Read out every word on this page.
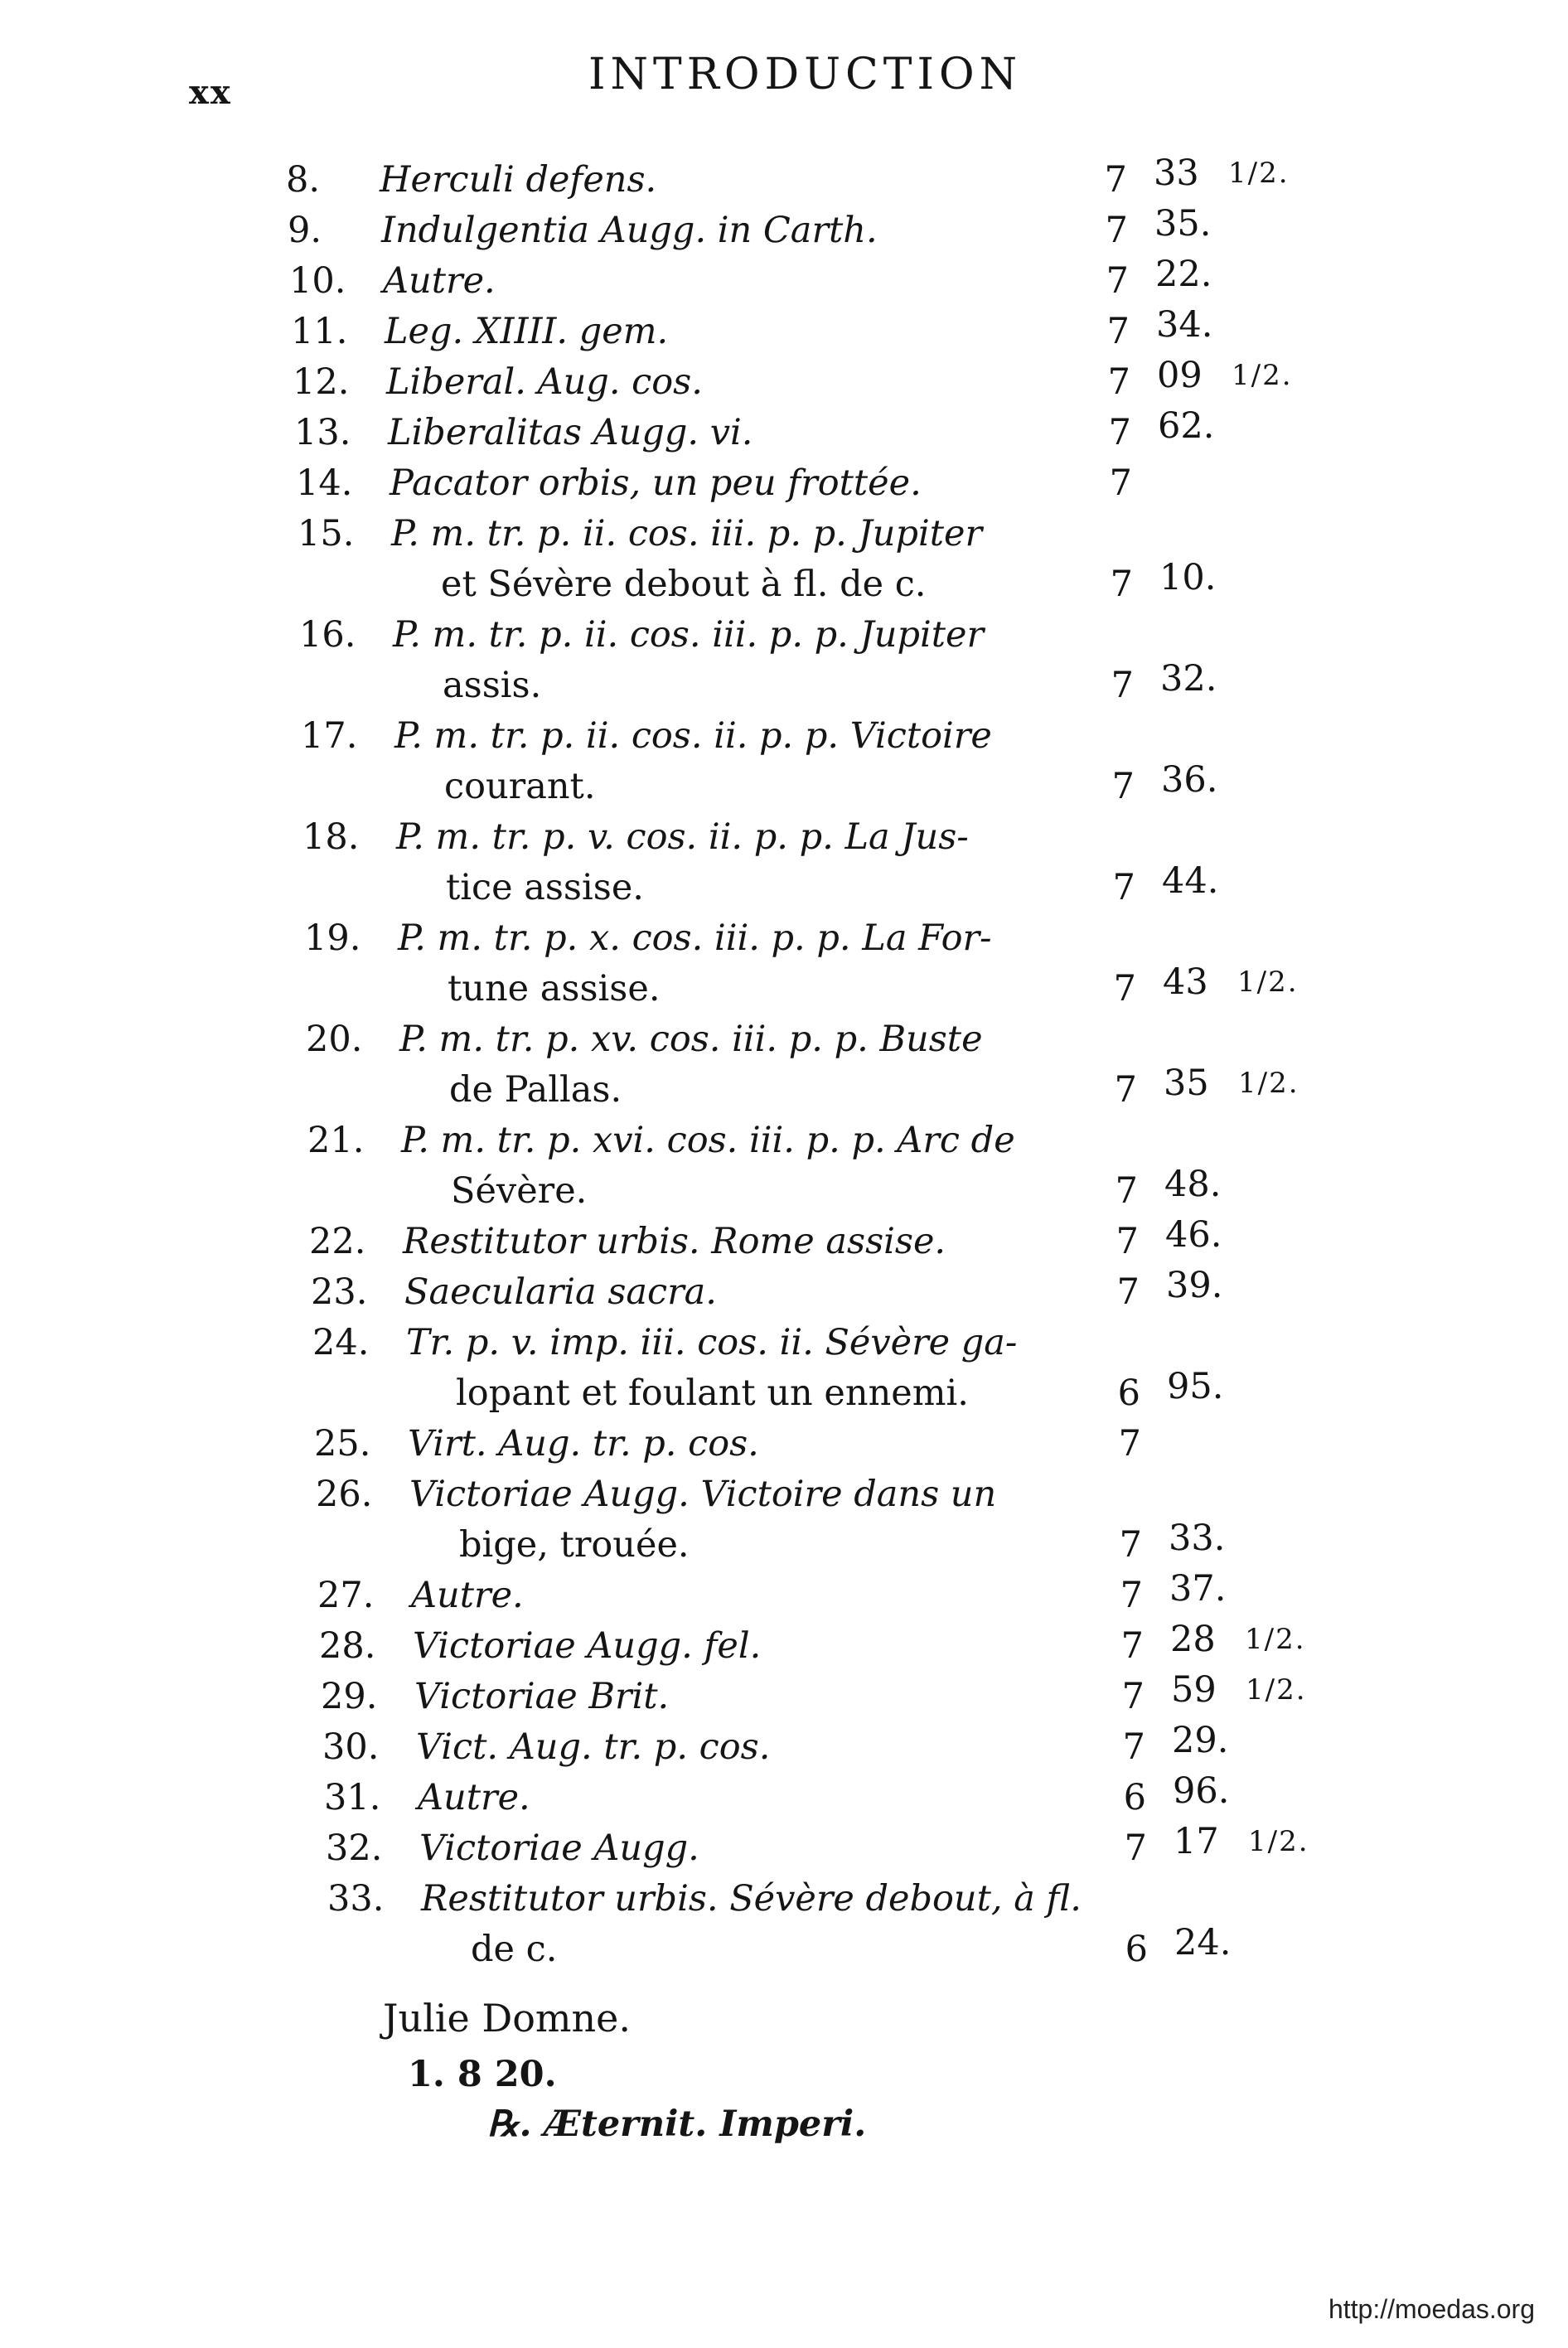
xx	INTRODUCTION
8. Herculi defens.	7 33 1/2.
9. Indulgentia Augg. in Carth.	7 35.
10. Autre.	7 22.
11. Leg. XIIII. gem.	7 34.
12. Liberal. Aug. cos.	7 09 1/2.
13. Liberalitas Augg. vi.	7 62.
14. Pacator orbis, un peu frottée.	7
15. P. m. tr. p. ii. cos. iii. p. p. Jupiter
et Sévère debout à fl. de c.	7 10.
16. P. m. tr. p. ii. cos. iii. p. p. Jupiter
assis.	7 32.
17. P. m. tr. p. ii. cos. ii. p. p. Victoire
courant.	7 36.
18. P. m. tr. p. v. cos. ii. p. p. La Jus-
tice assise.	7 44.
19. P. m. tr. p. x. cos. iii. p. p. La For-
tune assise.	7 43 1/2.
20. P. m. tr. p. xv. cos. iii. p. p. Buste
de Pallas.	7 35 1/2.
21. P. m. tr. p. xvi. cos. iii. p. p. Arc de
Sévère.	7 48.
22. Restitutor urbis. Rome assise.	7 46.
23. Saecularia sacra.	7 39.
24. Tr. p. v. imp. iii. cos. ii. Sévère ga-
lopant et foulant un ennemi.	6 95.
25. Virt. Aug. tr. p. cos.	7
26. Victoriae Augg. Victoire dans un
bige, trouée.	7 33.
27. Autre.	7 37.
28. Victoriae Augg. fel.	7 28 1/2.
29. Victoriae Brit.	7 59 1/2.
30. Vict. Aug. tr. p. cos.	7 29.
31. Autre.	6 96.
32. Victoriae Augg.	7 17 1/2.
33. Restitutor urbis. Sévère debout, à fl.
de c.	6 24.
Julie Domne.
1. 8 20.
℞. Æternit. Imperi.
http://moedas.org
